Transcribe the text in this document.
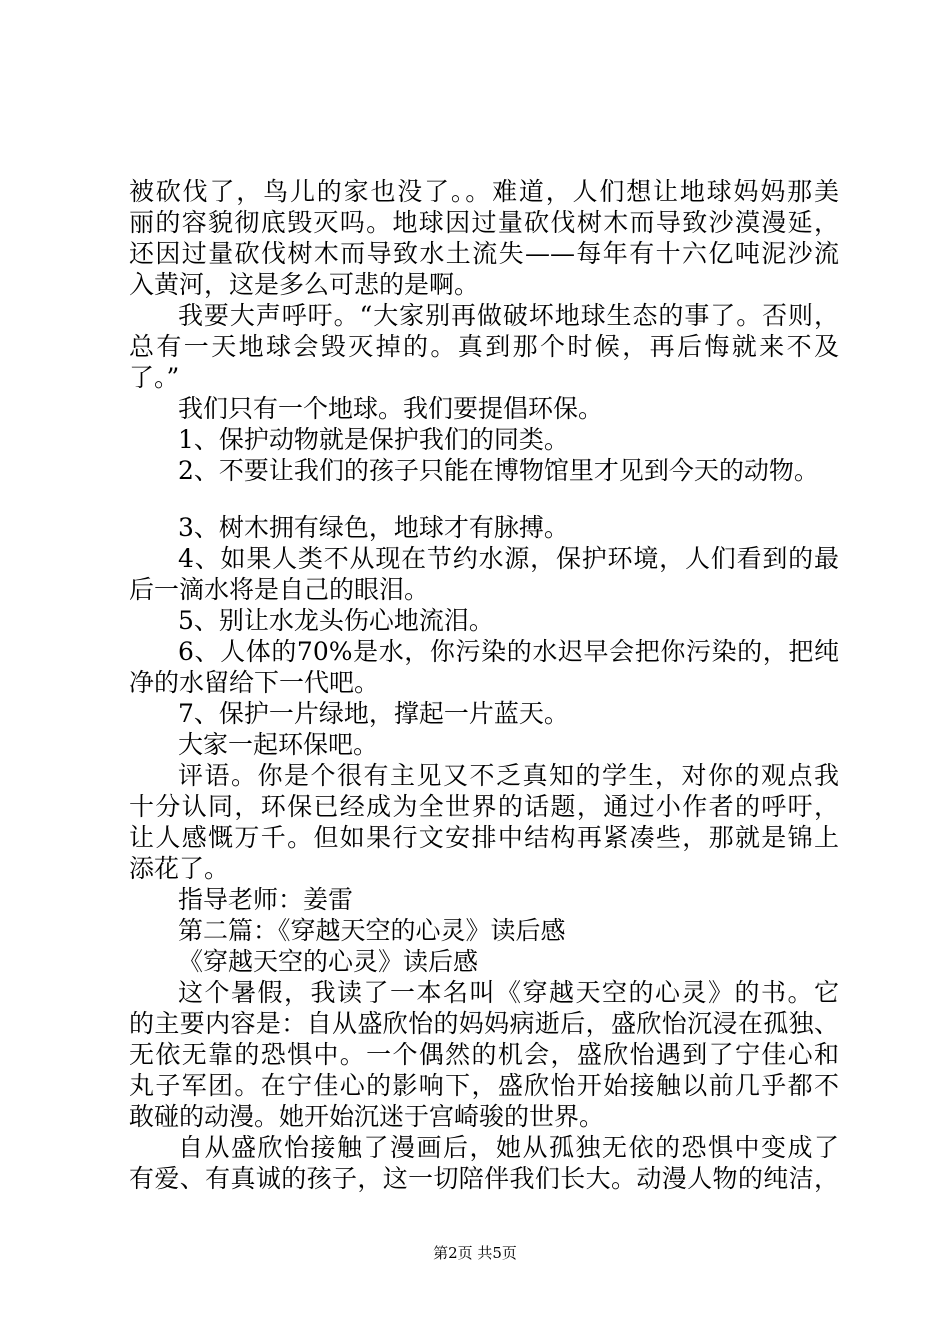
被砍伐了，鸟儿的家也没了。。难道，人们想让地球妈妈那美
丽的容貌彻底毁灭吗。地球因过量砍伐树木而导致沙漠漫延，
还因过量砍伐树木而导致水土流失——每年有十六亿吨泥沙流
入黄河，这是多么可悲的是啊。
我要大声呼吁。“大家别再做破坏地球生态的事了。否则，
总有一天地球会毁灭掉的。真到那个时候，再后悔就来不及
了。”
我们只有一个地球。我们要提倡环保。
1、保护动物就是保护我们的同类。
2、不要让我们的孩子只能在博物馆里才见到今天的动物。
3、树木拥有绿色，地球才有脉搏。
4、如果人类不从现在节约水源，保护环境，人们看到的最
后一滴水将是自己的眼泪。
5、别让水龙头伤心地流泪。
6、人体的70%是水，你污染的水迟早会把你污染的，把纯
净的水留给下一代吧。
7、保护一片绿地，撑起一片蓝天。
大家一起环保吧。
评语。你是个很有主见又不乏真知的学生，对你的观点我
十分认同，环保已经成为全世界的话题，通过小作者的呼吁，
让人感慨万千。但如果行文安排中结构再紧凑些，那就是锦上
添花了。
指导老师：姜雷
第二篇：《穿越天空的心灵》读后感
《穿越天空的心灵》读后感
这个暑假，我读了一本名叫《穿越天空的心灵》的书。它
的主要内容是：自从盛欣怡的妈妈病逝后，盛欣怡沉浸在孤独、
无依无靠的恐惧中。一个偶然的机会，盛欣怡遇到了宁佳心和
丸子军团。在宁佳心的影响下，盛欣怡开始接触以前几乎都不
敢碰的动漫。她开始沉迷于宫崎骏的世界。
自从盛欣怡接触了漫画后，她从孤独无依的恐惧中变成了
有爱、有真诚的孩子，这一切陪伴我们长大。动漫人物的纯洁，
第2页 共5页
